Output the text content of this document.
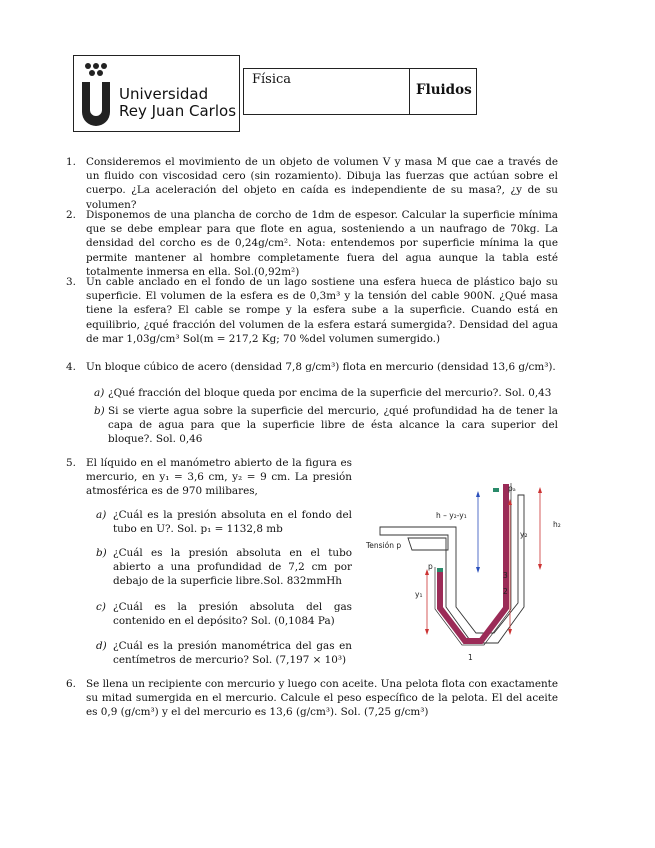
Universidad
Rey Juan Carlos
Física
Fluidos
1. Consideremos el movimiento de un objeto de volumen V y masa M que cae a través de un fluido con viscosidad cero (sin rozamiento). Dibuja las fuerzas que actúan sobre el cuerpo. ¿La aceleración del objeto en caída es independiente de su masa?, ¿y de su volumen?
2. Disponemos de una plancha de corcho de 1dm de espesor. Calcular la superficie mínima que se debe emplear para que flote en agua, sosteniendo a un naufrago de 70kg. La densidad del corcho es de 0,24g/cm². Nota: entendemos por superficie mínima la que permite mantener al hombre completamente fuera del agua aunque la tabla esté totalmente inmersa en ella. Sol.(0,92m²)
3. Un cable anclado en el fondo de un lago sostiene una esfera hueca de plástico bajo su superficie. El volumen de la esfera es de 0,3m³ y la tensión del cable 900N. ¿Qué masa tiene la esfera? El cable se rompe y la esfera sube a la superficie. Cuando está en equilibrio, ¿qué fracción del volumen de la esfera estará sumergida?. Densidad del agua de mar 1,03g/cm³ Sol(m = 217,2 Kg; 70 %del volumen sumergido.)
4. Un bloque cúbico de acero (densidad 7,8 g/cm³) flota en mercurio (densidad 13,6 g/cm³).
a) ¿Qué fracción del bloque queda por encima de la superficie del mercurio?. Sol. 0,43
b) Si se vierte agua sobre la superficie del mercurio, ¿qué profundidad ha de tener la capa de agua para que la superficie libre de ésta alcance la cara superior del bloque?. Sol. 0,46
5. El líquido en el manómetro abierto de la figura es mercurio, en y₁ = 3,6 cm, y₂ = 9 cm. La presión atmosférica es de 970 milibares,
a) ¿Cuál es la presión absoluta en el fondo del tubo en U?. Sol. p₁ = 1132,8 mb
b) ¿Cuál es la presión absoluta en el tubo abierto a una profundidad de 7,2 cm por debajo de la superficie libre.Sol. 832mmHh
c) ¿Cuál es la presión absoluta del gas contenido en el depósito? Sol. (0,1084 Pa)
d) ¿Cuál es la presión manométrica del gas en centímetros de mercurio? Sol. (7,197 × 10³)
pₐ
h – y₂-y₁
h₂
y₂
Tensión p
p
y₁
3
2
1
6. Se llena un recipiente con mercurio y luego con aceite. Una pelota flota con exactamente su mitad sumergida en el mercurio. Calcule el peso específico de la pelota. El del aceite es 0,9 (g/cm³) y el del mercurio es 13,6 (g/cm³). Sol. (7,25 g/cm³)
